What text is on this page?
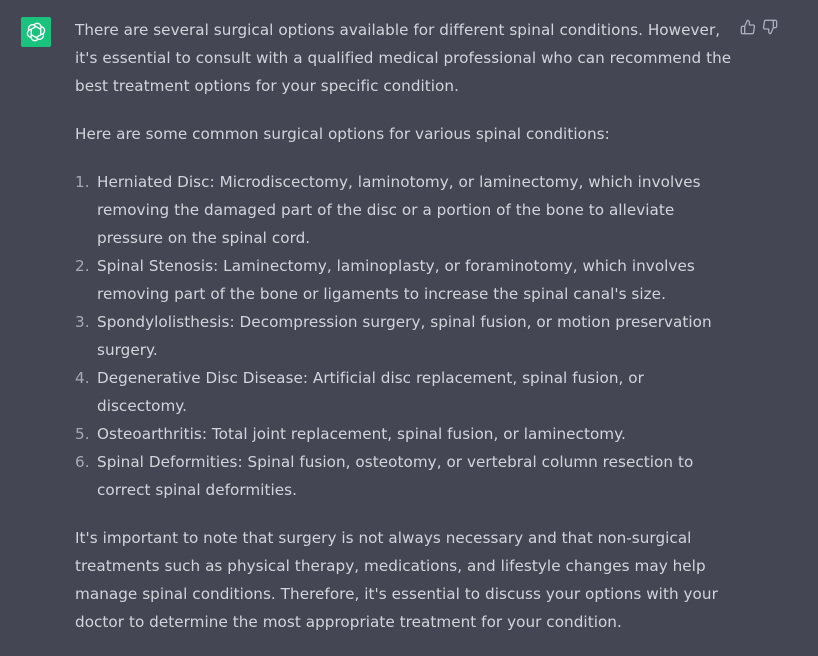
There are several surgical options available for different spinal conditions. However, it's essential to consult with a qualified medical professional who can recommend the best treatment options for your specific condition.

Here are some common surgical options for various spinal conditions:

1. Herniated Disc: Microdiscectomy, laminotomy, or laminectomy, which involves removing the damaged part of the disc or a portion of the bone to alleviate pressure on the spinal cord.
2. Spinal Stenosis: Laminectomy, laminoplasty, or foraminotomy, which involves removing part of the bone or ligaments to increase the spinal canal's size.
3. Spondylolisthesis: Decompression surgery, spinal fusion, or motion preservation surgery.
4. Degenerative Disc Disease: Artificial disc replacement, spinal fusion, or discectomy.
5. Osteoarthritis: Total joint replacement, spinal fusion, or laminectomy.
6. Spinal Deformities: Spinal fusion, osteotomy, or vertebral column resection to correct spinal deformities.

It's important to note that surgery is not always necessary and that non-surgical treatments such as physical therapy, medications, and lifestyle changes may help manage spinal conditions. Therefore, it's essential to discuss your options with your doctor to determine the most appropriate treatment for your condition.
